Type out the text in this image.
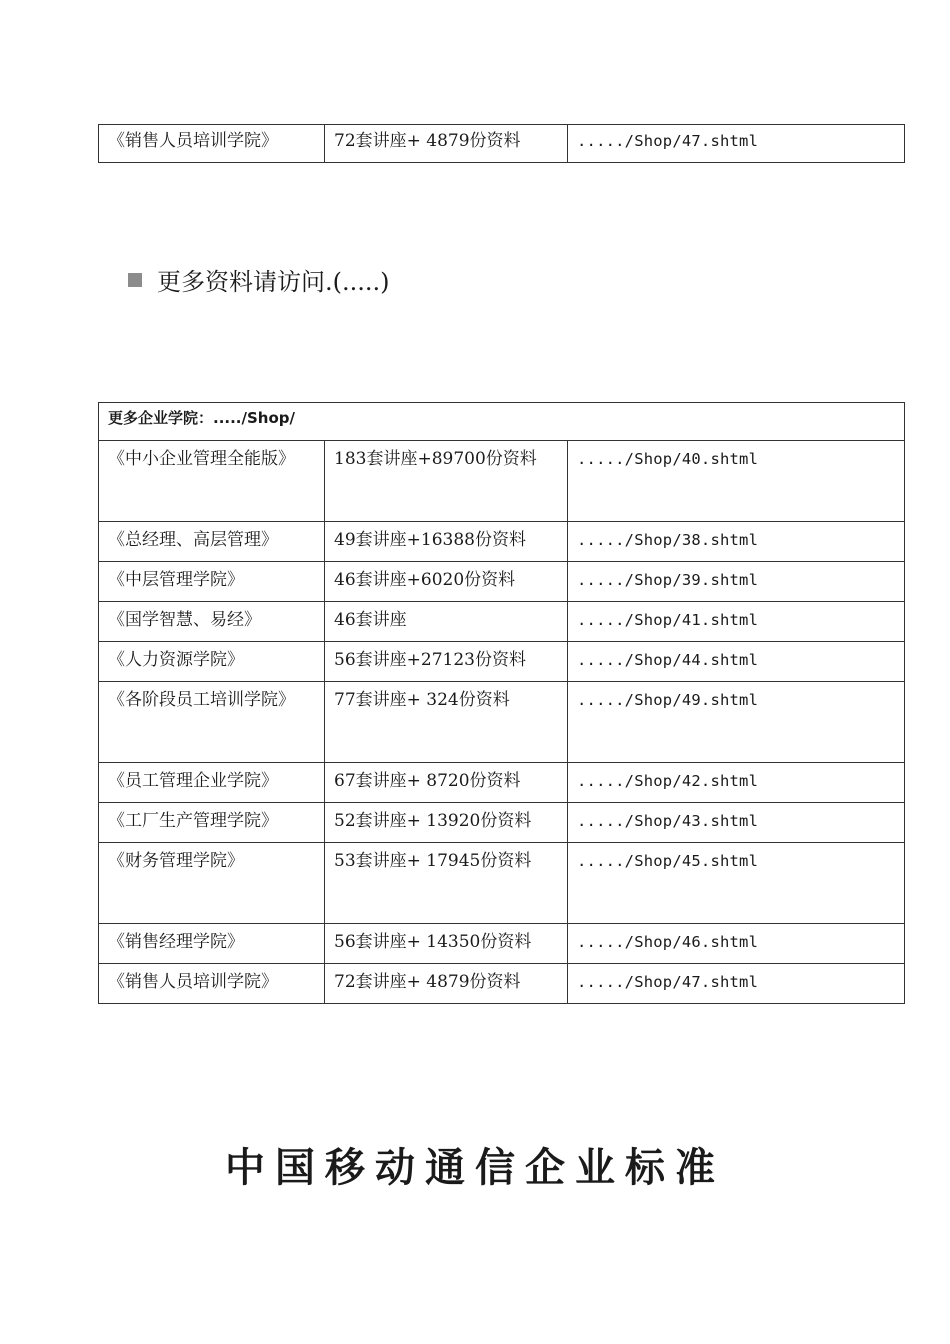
《销售人员培训学院》	72套讲座+ 4879份资料	...../Shop/47.shtml
更多资料请访问.(.....)
更多企业学院：...../Shop/		
《中小企业管理全能版》	183套讲座+89700份资料	...../Shop/40.shtml
《总经理、高层管理》	49套讲座+16388份资料	...../Shop/38.shtml
《中层管理学院》	46套讲座+6020份资料	...../Shop/39.shtml
《国学智慧、易经》	46套讲座	...../Shop/41.shtml
《人力资源学院》	56套讲座+27123份资料	...../Shop/44.shtml
《各阶段员工培训学院》	77套讲座+ 324份资料	...../Shop/49.shtml
《员工管理企业学院》	67套讲座+ 8720份资料	...../Shop/42.shtml
《工厂生产管理学院》	52套讲座+ 13920份资料	...../Shop/43.shtml
《财务管理学院》	53套讲座+ 17945份资料	...../Shop/45.shtml
《销售经理学院》	56套讲座+ 14350份资料	...../Shop/46.shtml
《销售人员培训学院》	72套讲座+ 4879份资料	...../Shop/47.shtml
中国移动通信企业标准
